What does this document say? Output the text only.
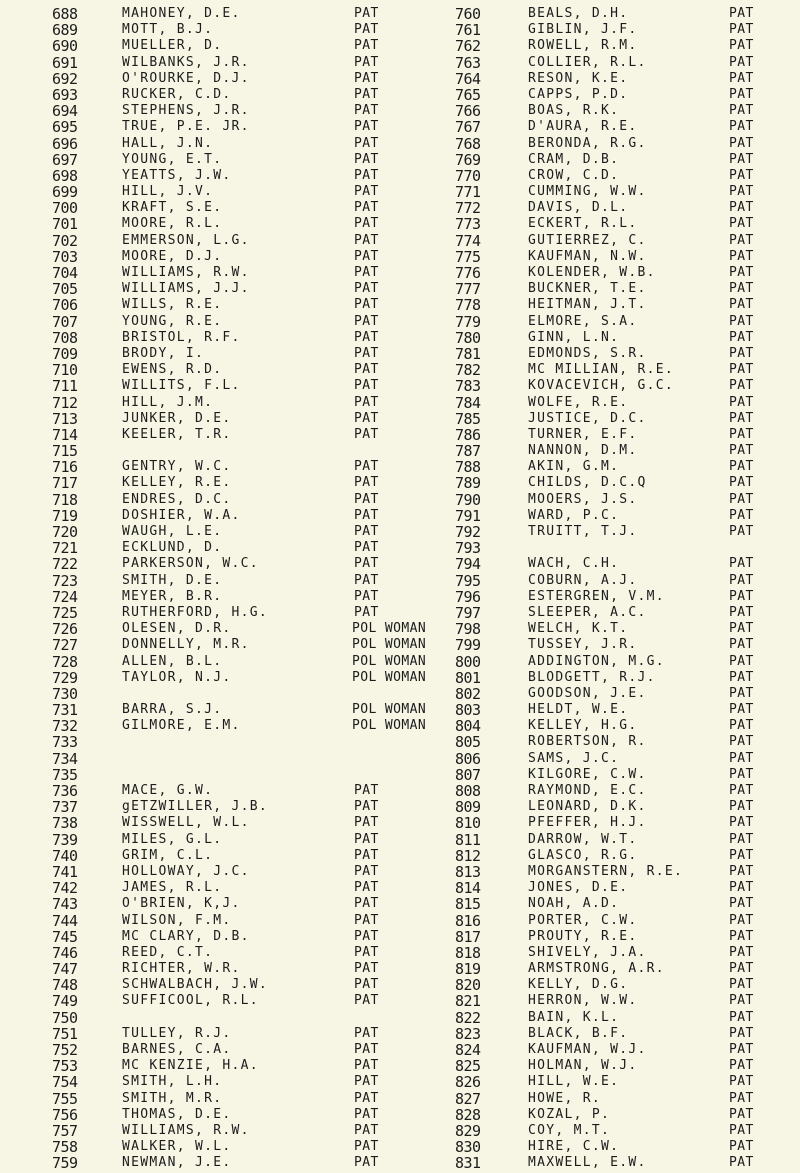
688	MAHONEY, D.E.	PAT
689	MOTT, B.J.	PAT
690	MUELLER, D.	PAT
691	WILBANKS, J.R.	PAT
692	O'ROURKE, D.J.	PAT
693	RUCKER, C.D.	PAT
694	STEPHENS, J.R.	PAT
695	TRUE, P.E. JR.	PAT
696	HALL, J.N.	PAT
697	YOUNG, E.T.	PAT
698	YEATTS, J.W.	PAT
699	HILL, J.V.	PAT
700	KRAFT, S.E.	PAT
701	MOORE, R.L.	PAT
702	EMMERSON, L.G.	PAT
703	MOORE, D.J.	PAT
704	WILLIAMS, R.W.	PAT
705	WILLIAMS, J.J.	PAT
706	WILLS, R.E.	PAT
707	YOUNG, R.E.	PAT
708	BRISTOL, R.F.	PAT
709	BRODY, I.	PAT
710	EWENS, R.D.	PAT
711	WILLITS, F.L.	PAT
712	HILL, J.M.	PAT
713	JUNKER, D.E.	PAT
714	KEELER, T.R.	PAT
715
716	GENTRY, W.C.	PAT
717	KELLEY, R.E.	PAT
718	ENDRES, D.C.	PAT
719	DOSHIER, W.A.	PAT
720	WAUGH, L.E.	PAT
721	ECKLUND, D.	PAT
722	PARKERSON, W.C.	PAT
723	SMITH, D.E.	PAT
724	MEYER, B.R.	PAT
725	RUTHERFORD, H.G.	PAT
726	OLESEN, D.R.	POL WOMAN
727	DONNELLY, M.R.	POL WOMAN
728	ALLEN, B.L.	POL WOMAN
729	TAYLOR, N.J.	POL WOMAN
730
731	BARRA, S.J.	POL WOMAN
732	GILMORE, E.M.	POL WOMAN
733
734
735
736	MACE, G.W.	PAT
737	gETZWILLER, J.B.	PAT
738	WISSWELL, W.L.	PAT
739	MILES, G.L.	PAT
740	GRIM, C.L.	PAT
741	HOLLOWAY, J.C.	PAT
742	JAMES, R.L.	PAT
743	O'BRIEN, K,J.	PAT
744	WILSON, F.M.	PAT
745	MC CLARY, D.B.	PAT
746	REED, C.T.	PAT
747	RICHTER, W.R.	PAT
748	SCHWALBACH, J.W.	PAT
749	SUFFICOOL, R.L.	PAT
750
751	TULLEY, R.J.	PAT
752	BARNES, C.A.	PAT
753	MC KENZIE, H.A.	PAT
754	SMITH, L.H.	PAT
755	SMITH, M.R.	PAT
756	THOMAS, D.E.	PAT
757	WILLIAMS, R.W.	PAT
758	WALKER, W.L.	PAT
759	NEWMAN, J.E.	PAT
760	BEALS, D.H.	PAT
761	GIBLIN, J.F.	PAT
762	ROWELL, R.M.	PAT
763	COLLIER, R.L.	PAT
764	RESON, K.E.	PAT
765	CAPPS, P.D.	PAT
766	BOAS, R.K.	PAT
767	D'AURA, R.E.	PAT
768	BERONDA, R.G.	PAT
769	CRAM, D.B.	PAT
770	CROW, C.D.	PAT
771	CUMMING, W.W.	PAT
772	DAVIS, D.L.	PAT
773	ECKERT, R.L.	PAT
774	GUTIERREZ, C.	PAT
775	KAUFMAN, N.W.	PAT
776	KOLENDER, W.B.	PAT
777	BUCKNER, T.E.	PAT
778	HEITMAN, J.T.	PAT
779	ELMORE, S.A.	PAT
780	GINN, L.N.	PAT
781	EDMONDS, S.R.	PAT
782	MC MILLIAN, R.E.	PAT
783	KOVACEVICH, G.C.	PAT
784	WOLFE, R.E.	PAT
785	JUSTICE, D.C.	PAT
786	TURNER, E.F.	PAT
787	NANNON, D.M.	PAT
788	AKIN, G.M.	PAT
789	CHILDS, D.C.Q	PAT
790	MOOERS, J.S.	PAT
791	WARD, P.C.	PAT
792	TRUITT, T.J.	PAT
793
794	WACH, C.H.	PAT
795	COBURN, A.J.	PAT
796	ESTERGREN, V.M.	PAT
797	SLEEPER, A.C.	PAT
798	WELCH, K.T.	PAT
799	TUSSEY, J.R.	PAT
800	ADDINGTON, M.G.	PAT
801	BLODGETT, R.J.	PAT
802	GOODSON, J.E.	PAT
803	HELDT, W.E.	PAT
804	KELLEY, H.G.	PAT
805	ROBERTSON, R.	PAT
806	SAMS, J.C.	PAT
807	KILGORE, C.W.	PAT
808	RAYMOND, E.C.	PAT
809	LEONARD, D.K.	PAT
810	PFEFFER, H.J.	PAT
811	DARROW, W.T.	PAT
812	GLASCO, R.G.	PAT
813	MORGANSTERN, R.E.	PAT
814	JONES, D.E.	PAT
815	NOAH, A.D.	PAT
816	PORTER, C.W.	PAT
817	PROUTY, R.E.	PAT
818	SHIVELY, J.A.	PAT
819	ARMSTRONG, A.R.	PAT
820	KELLY, D.G.	PAT
821	HERRON, W.W.	PAT
822	BAIN, K.L.	PAT
823	BLACK, B.F.	PAT
824	KAUFMAN, W.J.	PAT
825	HOLMAN, W.J.	PAT
826	HILL, W.E.	PAT
827	HOWE, R.	PAT
828	KOZAL, P.	PAT
829	COY, M.T.	PAT
830	HIRE, C.W.	PAT
831	MAXWELL, E.W.	PAT
